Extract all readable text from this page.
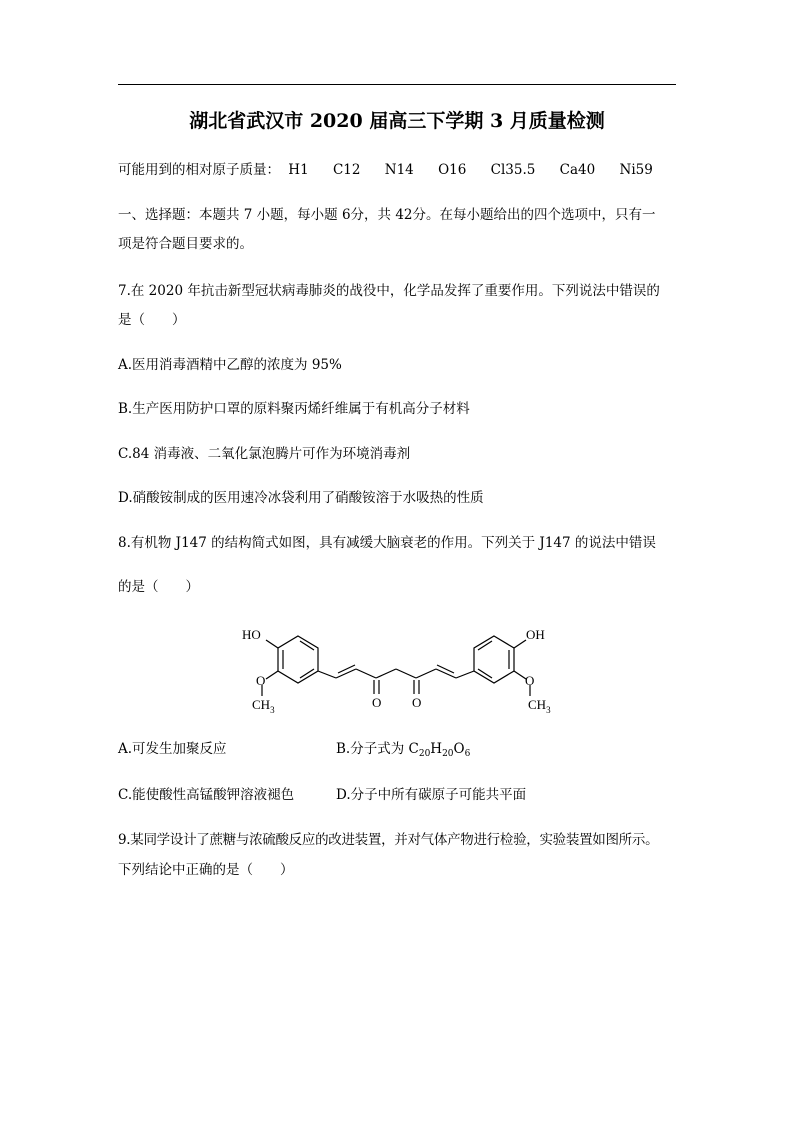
湖北省武汉市 2020 届高三下学期 3 月质量检测
可能用到的相对原子质量： H1 C12 N14 O16 Cl35.5 Ca40 Ni59
一、选择题：本题共 7 小题，每小题 6分，共 42分。在每小题给出的四个选项中，只有一
项是符合题目要求的。
7.在 2020 年抗击新型冠状病毒肺炎的战役中，化学品发挥了重要作用。下列说法中错误的
是（　　）
A.医用消毒酒精中乙醇的浓度为 95%
B.生产医用防护口罩的原料聚丙烯纤维属于有机高分子材料
C.84 消毒液、二氧化氯泡腾片可作为环境消毒剂
D.硝酸铵制成的医用速冷冰袋利用了硝酸铵溶于水吸热的性质
8.有机物 J147 的结构简式如图，具有减缓大脑衰老的作用。下列关于 J147 的说法中错误
的是（　　）
HO
O
$CH_3$	O O
OH
O
$CH_3$
A.可发生加聚反应	B.分子式为 $C_{20}H_{20}O_6$
C.能使酸性高锰酸钾溶液褪色	D.分子中所有碳原子可能共平面
9.某同学设计了蔗糖与浓硫酸反应的改进装置，并对气体产物进行检验，实验装置如图所示。
下列结论中正确的是（　　）
